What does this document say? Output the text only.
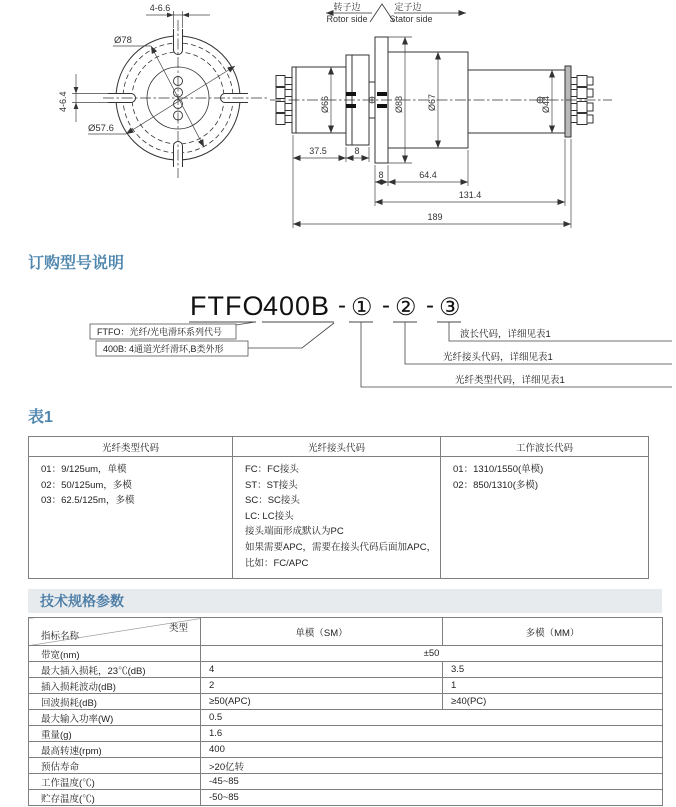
4-6.6
Ø78
Ø57.6
4-6.4
转子边
Rotor side
定子边
Stator side
Ø66	Ø88	Ø67	Ø44
37.5	8
8	64.4
131.4
189
订购型号说明
FTFO
400B - ① - ② - ③
FTFO：光纤/光电滑环系列代号
400B: 4通道光纤滑环,B类外形
波长代码，详细见表1
光纤接头代码，详细见表1
光纤类型代码，详细见表1
表1
光纤类型代码	光纤接头代码	工作波长代码

01：9/125um，单模
02：50/125um，多模
03：62.5/125m，多模

FC：FC接头
ST：ST接头
SC：SC接头
LC: LC接头
接头端面形成默认为PC
如果需要APC，需要在接头代码后面加APC，
比如：FC/APC

01：1310/1550(单模)
02：850/1310(多模)
技术规格参数
类型
指标名称	单模（SM）	多模（MM）
带宽(nm)	±50	
最大插入损耗，23℃(dB)	4	3.5
插入损耗波动(dB)	2	1
回波损耗(dB)	≥50(APC)	≥40(PC)
最大输入功率(W)	0.5	
重量(g)	1.6	
最高转速(rpm)	400	
预估寿命	>20亿转	
工作温度(℃)	-45~85	
贮存温度(℃)	-50~85	
